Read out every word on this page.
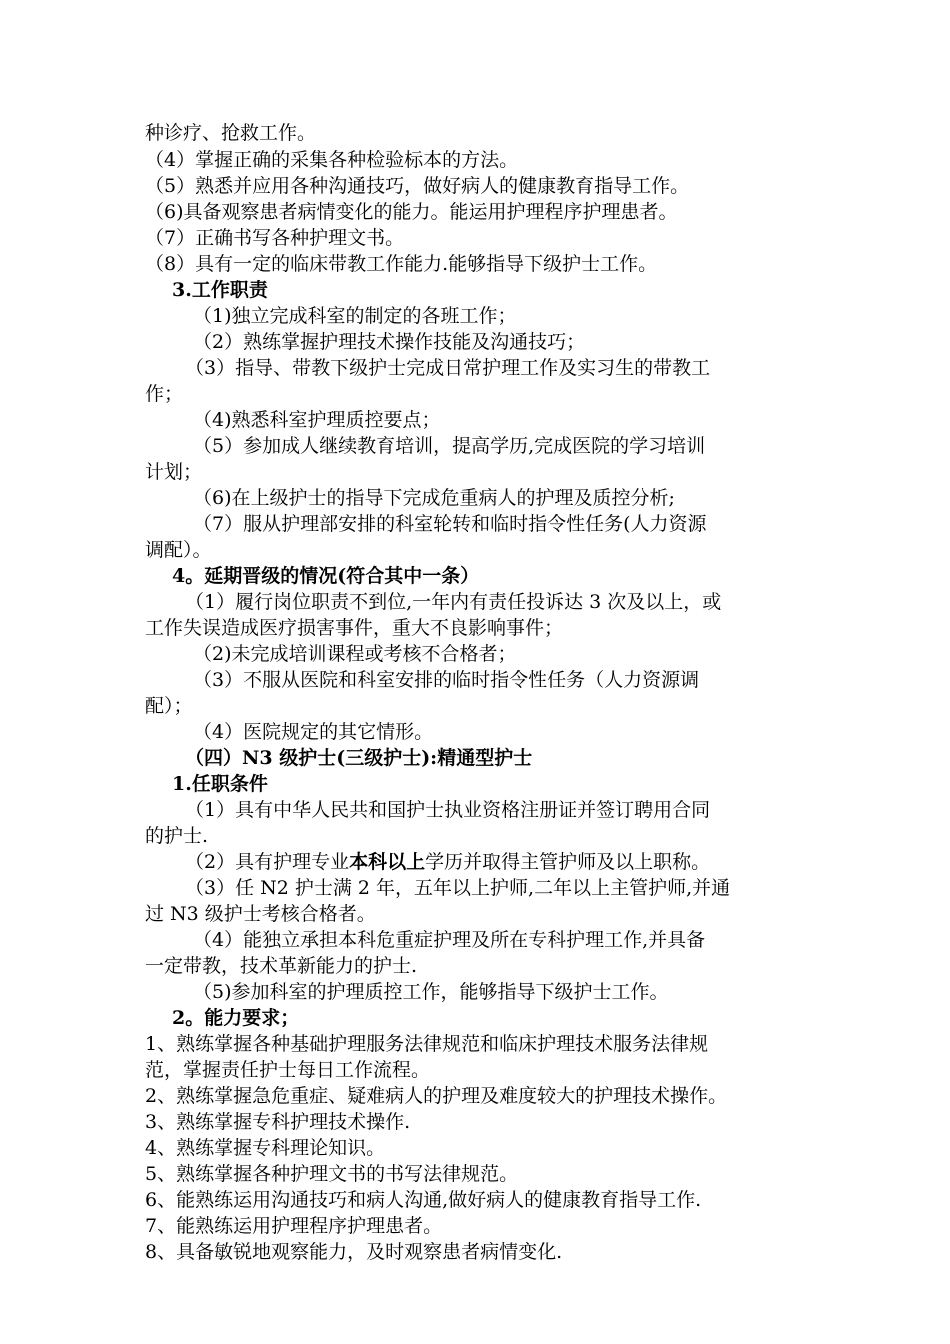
种诊疗、抢救工作。
（4）掌握正确的采集各种检验标本的方法。
（5）熟悉并应用各种沟通技巧，做好病人的健康教育指导工作。
（6)具备观察患者病情变化的能力。能运用护理程序护理患者。
（7）正确书写各种护理文书。
（8）具有一定的临床带教工作能力.能够指导下级护士工作。
3.工作职责
（1)独立完成科室的制定的各班工作；
（2）熟练掌握护理技术操作技能及沟通技巧；
（3）指导、带教下级护士完成日常护理工作及实习生的带教工
作；
（4)熟悉科室护理质控要点；
（5）参加成人继续教育培训，提高学历,完成医院的学习培训
计划；
（6)在上级护士的指导下完成危重病人的护理及质控分析;
（7）服从护理部安排的科室轮转和临时指令性任务(人力资源
调配）。
4。延期晋级的情况(符合其中一条）
（1）履行岗位职责不到位,一年内有责任投诉达 3 次及以上，或
工作失误造成医疗损害事件，重大不良影响事件；
（2)未完成培训课程或考核不合格者；
（3）不服从医院和科室安排的临时指令性任务（人力资源调
配）；
（4）医院规定的其它情形。
（四）N3 级护士(三级护士):精通型护士
1.任职条件
（1）具有中华人民共和国护士执业资格注册证并签订聘用合同
的护士.
（2）具有护理专业本科以上学历并取得主管护师及以上职称。
（3）任 N2 护士满 2 年，五年以上护师,二年以上主管护师,并通
过 N3 级护士考核合格者。
（4）能独立承担本科危重症护理及所在专科护理工作,并具备
一定带教，技术革新能力的护士.
（5)参加科室的护理质控工作，能够指导下级护士工作。
2。能力要求；
1、熟练掌握各种基础护理服务法律规范和临床护理技术服务法律规
范，掌握责任护士每日工作流程。
2、熟练掌握急危重症、疑难病人的护理及难度较大的护理技术操作。
3、熟练掌握专科护理技术操作.
4、熟练掌握专科理论知识。
5、熟练掌握各种护理文书的书写法律规范。
6、能熟练运用沟通技巧和病人沟通,做好病人的健康教育指导工作.
7、能熟练运用护理程序护理患者。
8、具备敏锐地观察能力，及时观察患者病情变化.
